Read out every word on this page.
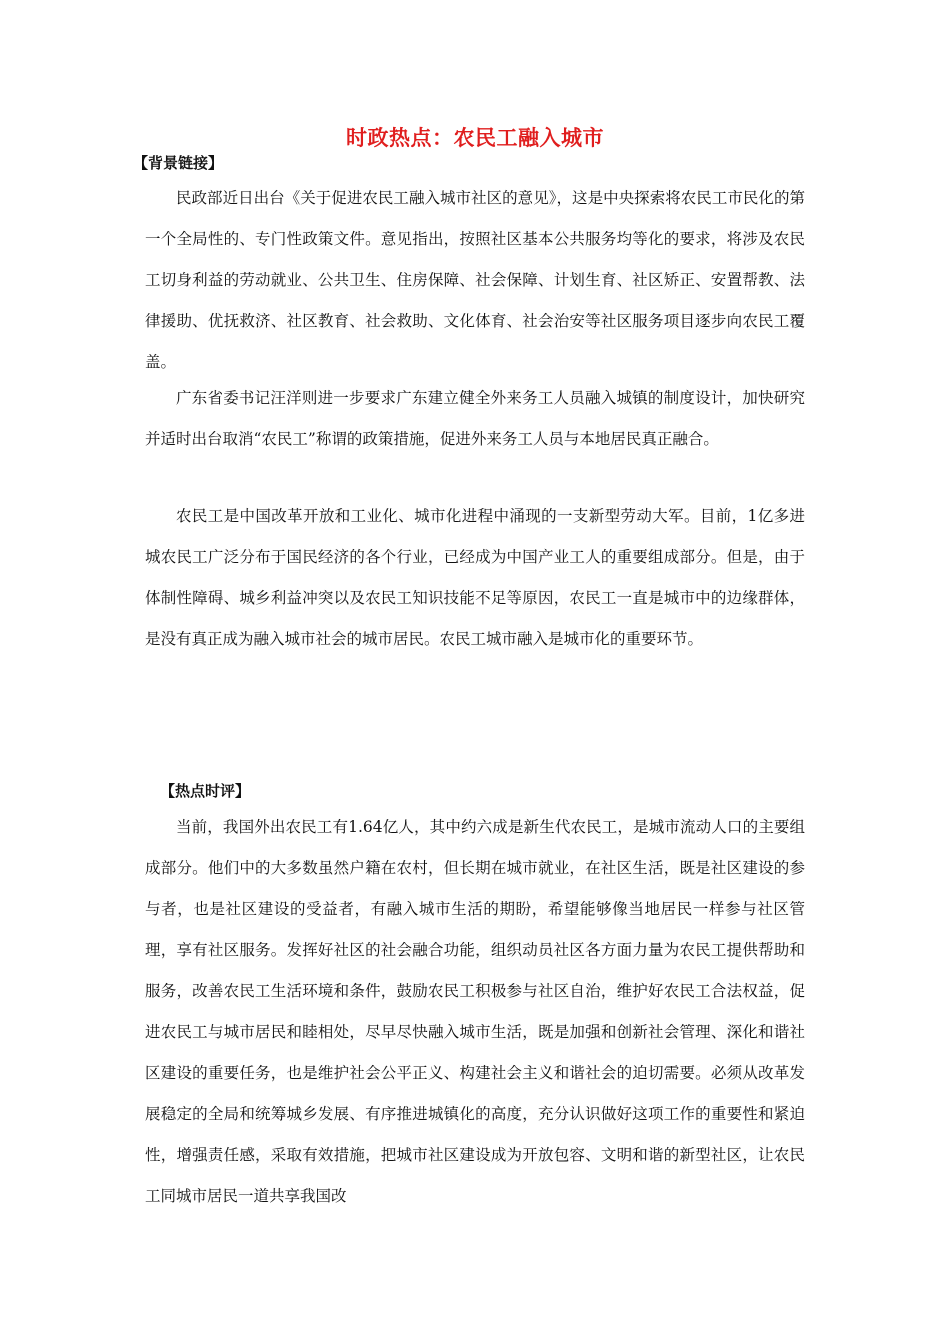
时政热点：农民工融入城市
【背景链接】

民政部近日出台《关于促进农民工融入城市社区的意见》，这是中央探索将农民工市民化的第一个全局性的、专门性政策文件。意见指出，按照社区基本公共服务均等化的要求，将涉及农民工切身利益的劳动就业、公共卫生、住房保障、社会保障、计划生育、社区矫正、安置帮教、法律援助、优抚救济、社区教育、社会救助、文化体育、社会治安等社区服务项目逐步向农民工覆盖。

广东省委书记汪洋则进一步要求广东建立健全外来务工人员融入城镇的制度设计，加快研究并适时出台取消“农民工”称谓的政策措施，促进外来务工人员与本地居民真正融合。

农民工是中国改革开放和工业化、城市化进程中涌现的一支新型劳动大军。目前，1亿多进城农民工广泛分布于国民经济的各个行业，已经成为中国产业工人的重要组成部分。但是，由于体制性障碍、城乡利益冲突以及农民工知识技能不足等原因，农民工一直是城市中的边缘群体，是没有真正成为融入城市社会的城市居民。农民工城市融入是城市化的重要环节。

【热点时评】

当前，我国外出农民工有1.64亿人，其中约六成是新生代农民工，是城市流动人口的主要组成部分。他们中的大多数虽然户籍在农村，但长期在城市就业，在社区生活，既是社区建设的参与者，也是社区建设的受益者，有融入城市生活的期盼，希望能够像当地居民一样参与社区管理，享有社区服务。发挥好社区的社会融合功能，组织动员社区各方面力量为农民工提供帮助和服务，改善农民工生活环境和条件，鼓励农民工积极参与社区自治，维护好农民工合法权益，促进农民工与城市居民和睦相处，尽早尽快融入城市生活，既是加强和创新社会管理、深化和谐社区建设的重要任务，也是维护社会公平正义、构建社会主义和谐社会的迫切需要。必须从改革发展稳定的全局和统筹城乡发展、有序推进城镇化的高度，充分认识做好这项工作的重要性和紧迫性，增强责任感，采取有效措施，把城市社区建设成为开放包容、文明和谐的新型社区，让农民工同城市居民一道共享我国改
